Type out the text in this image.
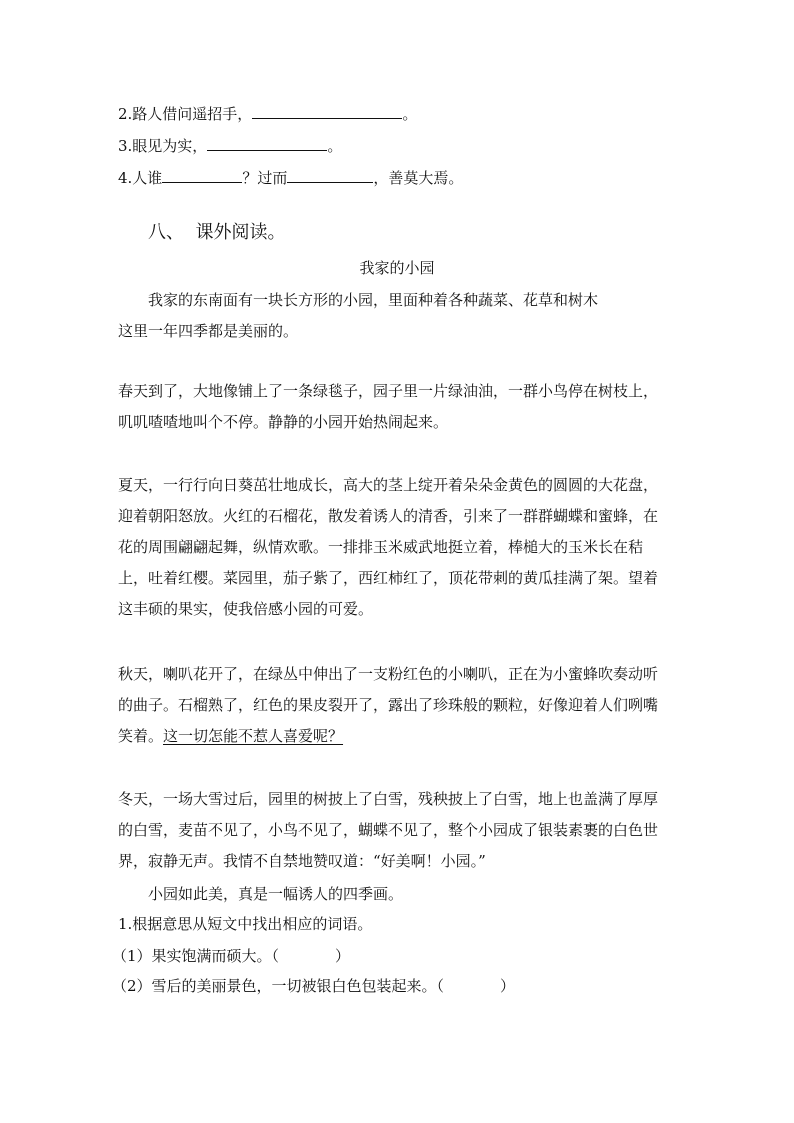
2.路人借问遥招手，	。
3.眼见为实，	。
4.人谁	？过而	，善莫大焉。
八、  课外阅读。
我家的小园
我家的东南面有一块长方形的小园，里面种着各种蔬菜、花草和树木
这里一年四季都是美丽的。
春天到了，大地像铺上了一条绿毯子，园子里一片绿油油，一群小鸟停在树枝上，叽叽喳喳地叫个不停。静静的小园开始热闹起来。
夏天，一行行向日葵茁壮地成长，高大的茎上绽开着朵朵金黄色的圆圆的大花盘，迎着朝阳怒放。火红的石榴花，散发着诱人的清香，引来了一群群蝴蝶和蜜蜂，在花的周围翩翩起舞，纵情欢歌。一排排玉米威武地挺立着，棒槌大的玉米长在秸上，吐着红樱。菜园里，茄子紫了，西红柿红了，顶花带刺的黄瓜挂满了架。望着这丰硕的果实，使我倍感小园的可爱。
秋天，喇叭花开了，在绿丛中伸出了一支粉红色的小喇叭，正在为小蜜蜂吹奏动听的曲子。石榴熟了，红色的果皮裂开了，露出了珍珠般的颗粒，好像迎着人们咧嘴笑着。这一切怎能不惹人喜爱呢？
冬天，一场大雪过后，园里的树披上了白雪，残秧披上了白雪，地上也盖满了厚厚的白雪，麦苗不见了，小鸟不见了，蝴蝶不见了，整个小园成了银装素裹的白色世界，寂静无声。我情不自禁地赞叹道：“好美啊！小园。”
小园如此美，真是一幅诱人的四季画。
1.根据意思从短文中找出相应的词语。
（1）果实饱满而硕大。（	）
（2）雪后的美丽景色，一切被银白色包装起来。（	）
